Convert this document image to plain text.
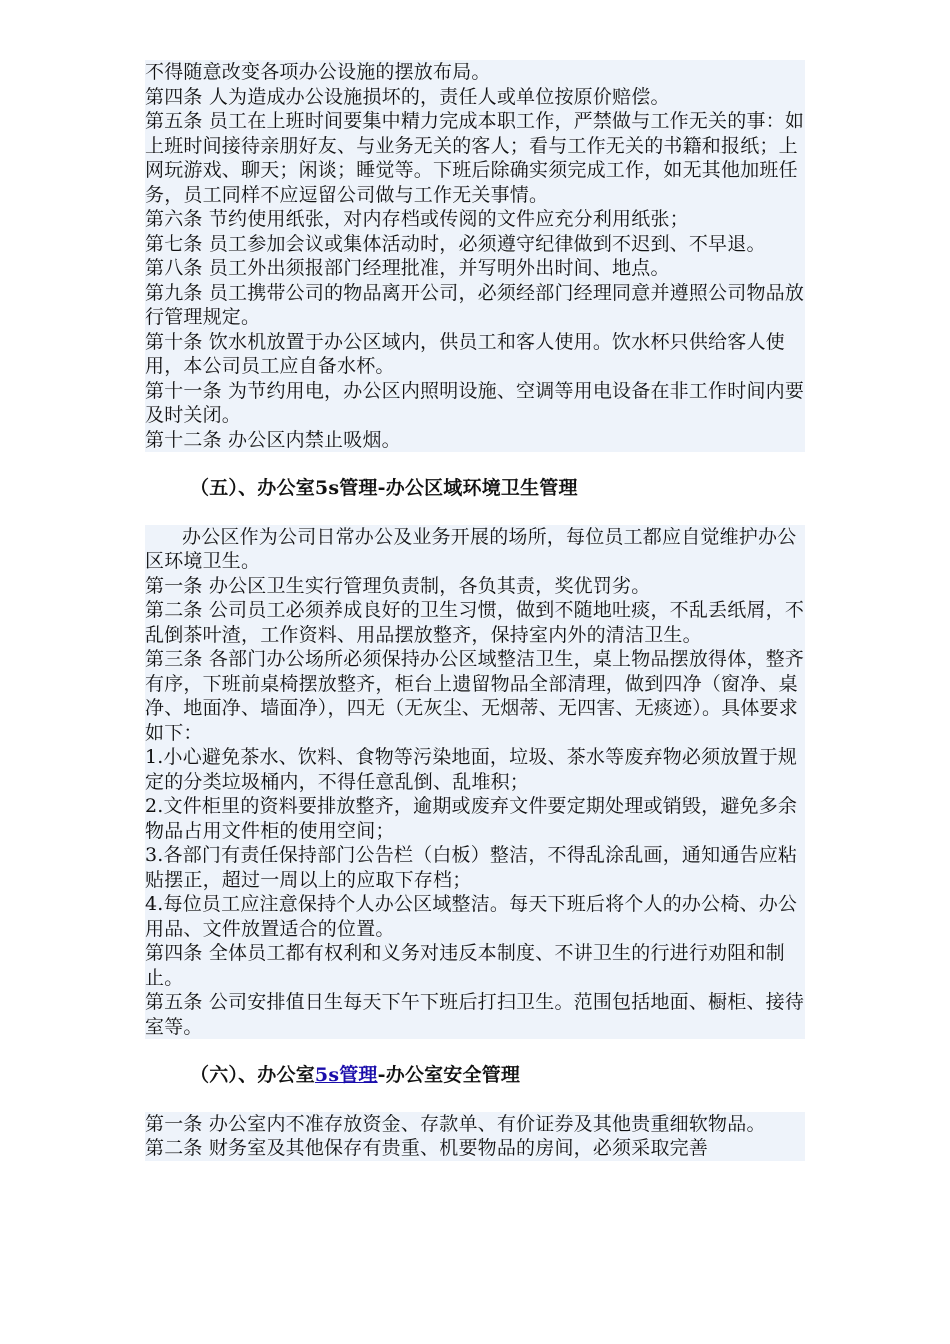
不得随意改变各项办公设施的摆放布局。

第四条 人为造成办公设施损坏的，责任人或单位按原价赔偿。

第五条 员工在上班时间要集中精力完成本职工作，严禁做与工作无关的事：如上班时间接待亲朋好友、与业务无关的客人；看与工作无关的书籍和报纸；上网玩游戏、聊天；闲谈；睡觉等。下班后除确实须完成工作，如无其他加班任务，员工同样不应逗留公司做与工作无关事情。

第六条 节约使用纸张，对内存档或传阅的文件应充分利用纸张；

第七条 员工参加会议或集体活动时，必须遵守纪律做到不迟到、不早退。

第八条 员工外出须报部门经理批准，并写明外出时间、地点。

第九条 员工携带公司的物品离开公司，必须经部门经理同意并遵照公司物品放行管理规定。

第十条 饮水机放置于办公区域内，供员工和客人使用。饮水杯只供给客人使用，本公司员工应自备水杯。

第十一条 为节约用电，办公区内照明设施、空调等用电设备在非工作时间内要及时关闭。

第十二条 办公区内禁止吸烟。

（五）、办公室5s管理-办公区域环境卫生管理

办公区作为公司日常办公及业务开展的场所，每位员工都应自觉维护办公区环境卫生。

第一条 办公区卫生实行管理负责制，各负其责，奖优罚劣。

第二条 公司员工必须养成良好的卫生习惯，做到不随地吐痰，不乱丢纸屑，不乱倒茶叶渣，工作资料、用品摆放整齐，保持室内外的清洁卫生。

第三条 各部门办公场所必须保持办公区域整洁卫生，桌上物品摆放得体，整齐有序，下班前桌椅摆放整齐，柜台上遗留物品全部清理，做到四净（窗净、桌净、地面净、墙面净），四无（无灰尘、无烟蒂、无四害、无痰迹）。具体要求如下：

1.小心避免茶水、饮料、食物等污染地面，垃圾、茶水等废弃物必须放置于规定的分类垃圾桶内，不得任意乱倒、乱堆积；

2.文件柜里的资料要排放整齐，逾期或废弃文件要定期处理或销毁，避免多余物品占用文件柜的使用空间；

3.各部门有责任保持部门公告栏（白板）整洁，不得乱涂乱画，通知通告应粘贴摆正，超过一周以上的应取下存档；

4.每位员工应注意保持个人办公区域整洁。每天下班后将个人的办公椅、办公用品、文件放置适合的位置。

第四条 全体员工都有权利和义务对违反本制度、不讲卫生的行进行劝阻和制止。

第五条 公司安排值日生每天下午下班后打扫卫生。范围包括地面、橱柜、接待室等。

（六）、办公室5s管理-办公室安全管理

第一条 办公室内不准存放资金、存款单、有价证券及其他贵重细软物品。

第二条 财务室及其他保存有贵重、机要物品的房间，必须采取完善
